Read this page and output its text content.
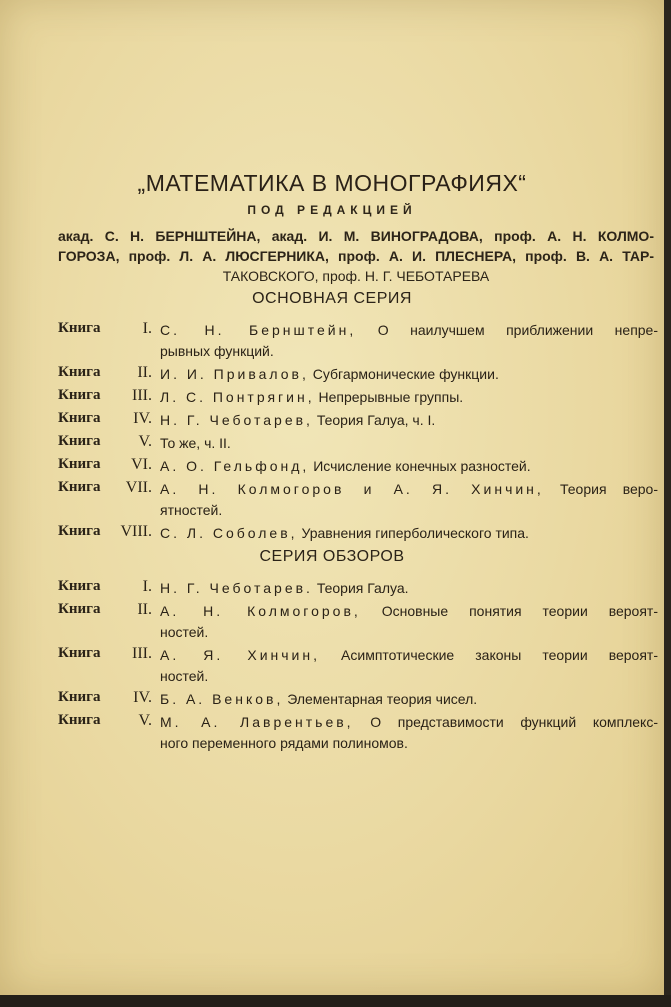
„МАТЕМАТИКА В МОНОГРАФИЯХ“
ПОД РЕДАКЦИЕЙ
акад. С. Н. БЕРНШТЕЙНА, акад. И. М. ВИНОГРАДОВА, проф. А. Н. КОЛМО-
ГОРОЗА, проф. Л. А. ЛЮСГЕРНИКА, проф. А. И. ПЛЕСНЕРА, проф. В. А. ТАР-
ТАКОВСКОГО, проф. Н. Г. ЧЕБОТАРЕВА
ОСНОВНАЯ СЕРИЯ
Книга	I. С. Н. Бернштейн, О наилучшем приближении непре-
рывных функций.
Книга II. И. И. Привалов, Субгармонические функции.
Книга III. Л. С. Понтрягин, Непрерывные группы.
Книга IV. Н. Г. Чеботарев, Теория Галуа, ч. I.
Книга V. То же, ч. II.
Книга VI. А. О. Гельфонд, Исчисление конечных разностей.
Книга VII. А. Н. Колмогоров и А. Я. Хинчин, Теория веро-
ятностей.
Книга VIII. С. Л. Соболев, Уравнения гиперболического типа.
СЕРИЯ ОБЗОРОВ
Книга	I. Н. Г. Чеботарев. Теория Галуа.
Книга II. А. Н. Колмогоров, Основные понятия теории вероят-
ностей.
Книга III. А. Я. Хинчин, Асимптотические законы теории вероят-
ностей.
Книга IV. Б. А. Венков, Элементарная теория чисел.
Книга V. М. А. Лаврентьев, О представимости функций комплекс-
ного переменного рядами полиномов.
